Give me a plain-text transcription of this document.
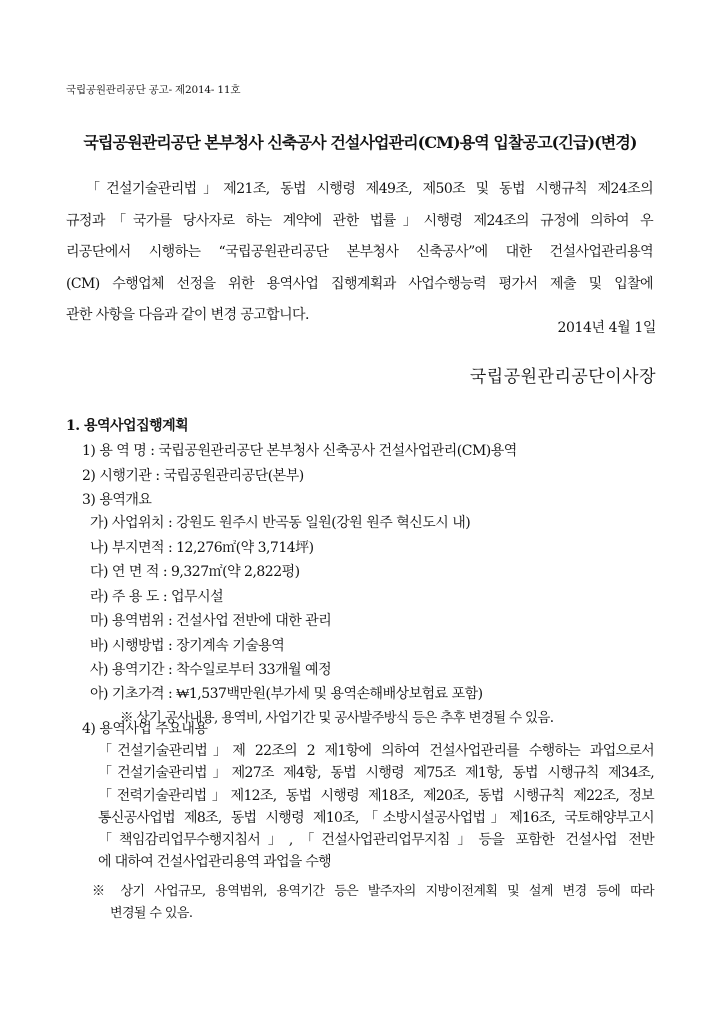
국립공원관리공단 공고- 제2014- 11호
국립공원관리공단 본부청사 신축공사 건설사업관리(CM)용역 입찰공고(긴급)(변경)
「건설기술관리법」제21조, 동법 시행령 제49조, 제50조 및 동법 시행규칙 제24조의
규정과「국가를 당사자로 하는 계약에 관한 법률」시행령 제24조의 규정에 의하여 우
리공단에서 시행하는 “국립공원관리공단 본부청사 신축공사”에 대한 건설사업관리용역
(CM) 수행업체 선정을 위한 용역사업 집행계획과 사업수행능력 평가서 제출 및 입찰에
관한 사항을 다음과 같이 변경 공고합니다.
2014년 4월 1일
국립공원관리공단이사장
1. 용역사업집행계획
1) 용 역 명 : 국립공원관리공단 본부청사 신축공사 건설사업관리(CM)용역
2) 시행기관 : 국립공원관리공단(본부)
3) 용역개요
가) 사업위치 : 강원도 원주시 반곡동 일원(강원 원주 혁신도시 내)
나) 부지면적 : 12,276㎡(약 3,714坪)
다) 연 면 적 : 9,327㎡(약 2,822평)
라) 주 용 도 : 업무시설
마) 용역범위 : 건설사업 전반에 대한 관리
바) 시행방법 : 장기계속 기술용역
사) 용역기간 : 착수일로부터 33개월 예정
아) 기초가격 : ₩1,537백만원(부가세 및 용역손해배상보험료 포함)
※ 상기 공사내용, 용역비, 사업기간 및 공사발주방식 등은 추후 변경될 수 있음.
4) 용역사업 주요내용
「건설기술관리법」제 22조의 2 제1항에 의하여 건설사업관리를 수행하는 과업으로서
「건설기술관리법」제27조 제4항, 동법 시행령 제75조 제1항, 동법 시행규칙 제34조,
「전력기술관리법」제12조, 동법 시행령 제18조, 제20조, 동법 시행규칙 제22조, 정보
통신공사업법 제8조, 동법 시행령 제10조,「소방시설공사업법」제16조, 국토해양부고시
「책임감리업무수행지침서」,「건설사업관리업무지침」등을 포함한 건설사업 전반
에 대하여 건설사업관리용역 과업을 수행
※ 상기 사업규모, 용역범위, 용역기간 등은 발주자의 지방이전계획 및 설계 변경 등에 따라
변경될 수 있음.
